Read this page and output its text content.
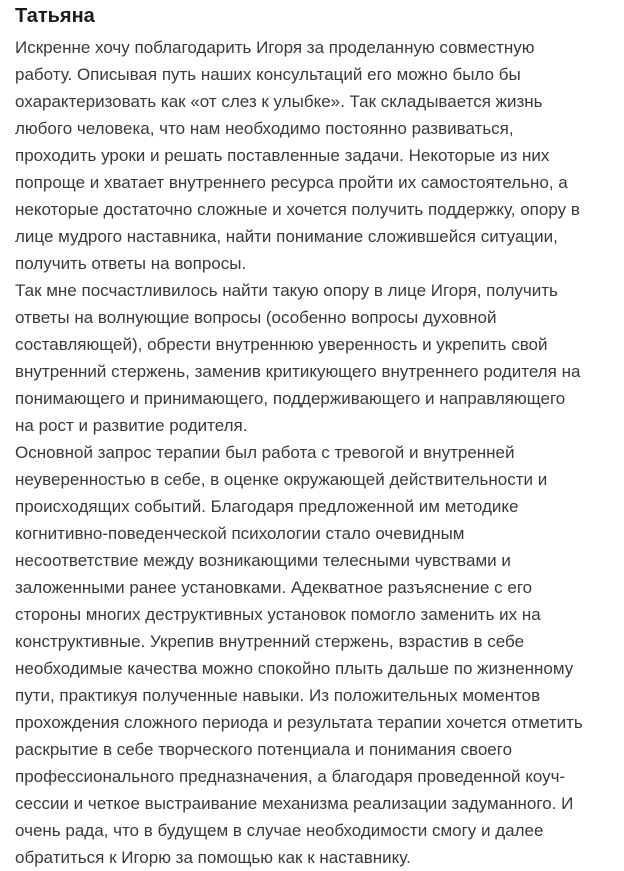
Татьяна
Искренне хочу поблагодарить Игоря за проделанную совместную
работу. Описывая путь наших консультаций его можно было бы
охарактеризовать как «от слез к улыбке». Так складывается жизнь
любого человека, что нам необходимо постоянно развиваться,
проходить уроки и решать поставленные задачи. Некоторые из них
попроще и хватает внутреннего ресурса пройти их самостоятельно, а
некоторые достаточно сложные и хочется получить поддержку, опору в
лице мудрого наставника, найти понимание сложившейся ситуации,
получить ответы на вопросы.
Так мне посчастливилось найти такую опору в лице Игоря, получить
ответы на волнующие вопросы (особенно вопросы духовной
составляющей), обрести внутреннюю уверенность и укрепить свой
внутренний стержень, заменив критикующего внутреннего родителя на
понимающего и принимающего, поддерживающего и направляющего
на рост и развитие родителя.
Основной запрос терапии был работа с тревогой и внутренней
неуверенностью в себе, в оценке окружающей действительности и
происходящих событий. Благодаря предложенной им методике
когнитивно-поведенческой психологии стало очевидным
несоответствие между возникающими телесными чувствами и
заложенными ранее установками. Адекватное разъяснение с его
стороны многих деструктивных установок помогло заменить их на
конструктивные. Укрепив внутренний стержень, взрастив в себе
необходимые качества можно спокойно плыть дальше по жизненному
пути, практикуя полученные навыки. Из положительных моментов
прохождения сложного периода и результата терапии хочется отметить
раскрытие в себе творческого потенциала и понимания своего
профессионального предназначения, а благодаря проведенной коуч-
сессии и четкое выстраивание механизма реализации задуманного. И
очень рада, что в будущем в случае необходимости смогу и далее
обратиться к Игорю за помощью как к наставнику.
